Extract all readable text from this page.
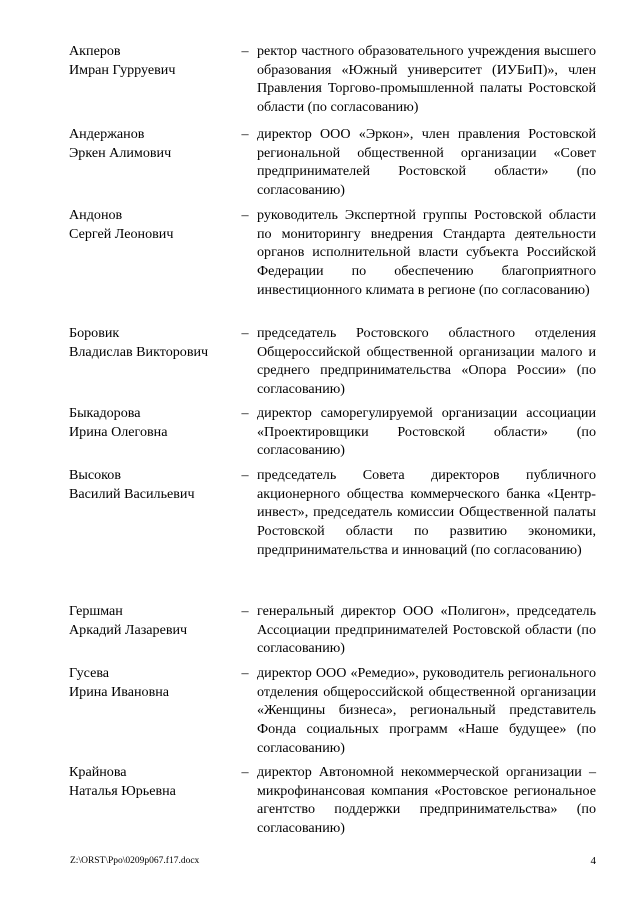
Акперов
Имран Гурруевич
– ректор частного образовательного учреждения высшего образования «Южный университет (ИУБиП)», член Правления Торгово-промышленной палаты Ростовской области (по согласованию)
Андержанов
Эркен Алимович
– директор ООО «Эркон», член правления Ростовской региональной общественной организации «Совет предпринимателей Ростовской области» (по согласованию)
Андонов
Сергей Леонович
– руководитель Экспертной группы Ростовской области по мониторингу внедрения Стандарта деятельности органов исполнительной власти субъекта Российской Федерации по обеспечению благоприятного инвестиционного климата в регионе (по согласованию)
Боровик
Владислав Викторович
– председатель Ростовского областного отделения Общероссийской общественной организации малого и среднего предпринимательства «Опора России» (по согласованию)
Быкадорова
Ирина Олеговна
– директор саморегулируемой организации ассоциации «Проектировщики Ростовской области» (по согласованию)
Высоков
Василий Васильевич
– председатель Совета директоров публичного акционерного общества коммерческого банка «Центр-инвест», председатель комиссии Общественной палаты Ростовской области по развитию экономики, предпринимательства и инноваций (по согласованию)
Гершман
Аркадий Лазаревич
– генеральный директор ООО «Полигон», председатель Ассоциации предпринимателей Ростовской области (по согласованию)
Гусева
Ирина Ивановна
– директор ООО «Ремедио», руководитель регионального отделения общероссийской общественной организации «Женщины бизнеса», региональный представитель Фонда социальных программ «Наше будущее» (по согласованию)
Крайнова
Наталья Юрьевна
– директор Автономной некоммерческой организации – микрофинансовая компания «Ростовское региональное агентство поддержки предпринимательства» (по согласованию)
Z:\ORST\Ppo\0209p067.f17.docx	4
